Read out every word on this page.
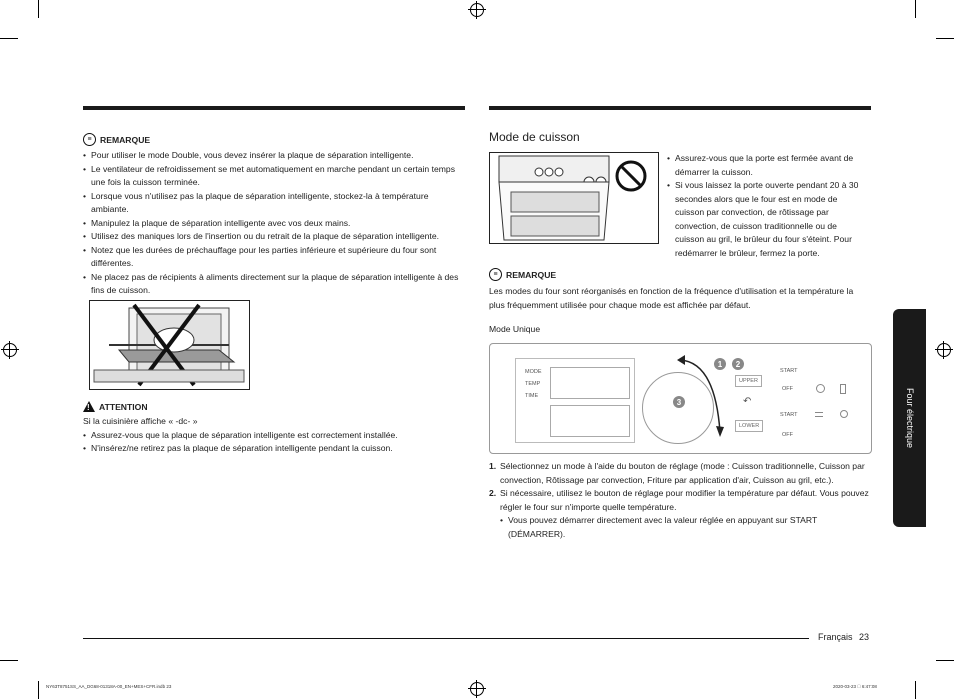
≡ REMARQUE
• Pour utiliser le mode Double, vous devez insérer la plaque de séparation intelligente.
• Le ventilateur de refroidissement se met automatiquement en marche pendant un certain temps une fois la cuisson terminée.
• Lorsque vous n'utilisez pas la plaque de séparation intelligente, stockez-la à température ambiante.
• Manipulez la plaque de séparation intelligente avec vos deux mains.
• Utilisez des maniques lors de l'insertion ou du retrait de la plaque de séparation intelligente.
• Notez que les durées de préchauffage pour les parties inférieure et supérieure du four sont différentes.
• Ne placez pas de récipients à aliments directement sur la plaque de séparation intelligente à des fins de cuisson.
! ATTENTION
Si la cuisinière affiche « -dc- »
• Assurez-vous que la plaque de séparation intelligente est correctement installée.
• N'insérez/ne retirez pas la plaque de séparation intelligente pendant la cuisson.
Mode de cuisson
• Assurez-vous que la porte est fermée avant de démarrer la cuisson.
• Si vous laissez la porte ouverte pendant 20 à 30 secondes alors que le four est en mode de cuisson par convection, de rôtissage par convection, de cuisson traditionnelle ou de cuisson au gril, le brûleur du four s'éteint. Pour redémarrer le brûleur, fermez la porte.
≡ REMARQUE
Les modes du four sont réorganisés en fonction de la fréquence d'utilisation et la température la plus fréquemment utilisée pour chaque mode est affichée par défaut.
Mode Unique
MODE
TEMP
TIME
1	2
3
UPPER
↶
LOWER
START
OFF
START
OFF
1. Sélectionnez un mode à l'aide du bouton de réglage (mode : Cuisson traditionnelle, Cuisson par convection, Rôtissage par convection, Friture par application d'air, Cuisson au gril, etc.).
2. Si nécessaire, utilisez le bouton de réglage pour modifier la température par défaut. Vous pouvez régler le four sur n'importe quelle température.
• Vous pouvez démarrer directement avec la valeur réglée en appuyant sur START (DÉMARRER).
Four électrique
Français 23
NY63T8751SS_AA_DG68-01318A-00_EN+MES+CFR.indb 23	2020-03-23 ￿ 6:47:08
